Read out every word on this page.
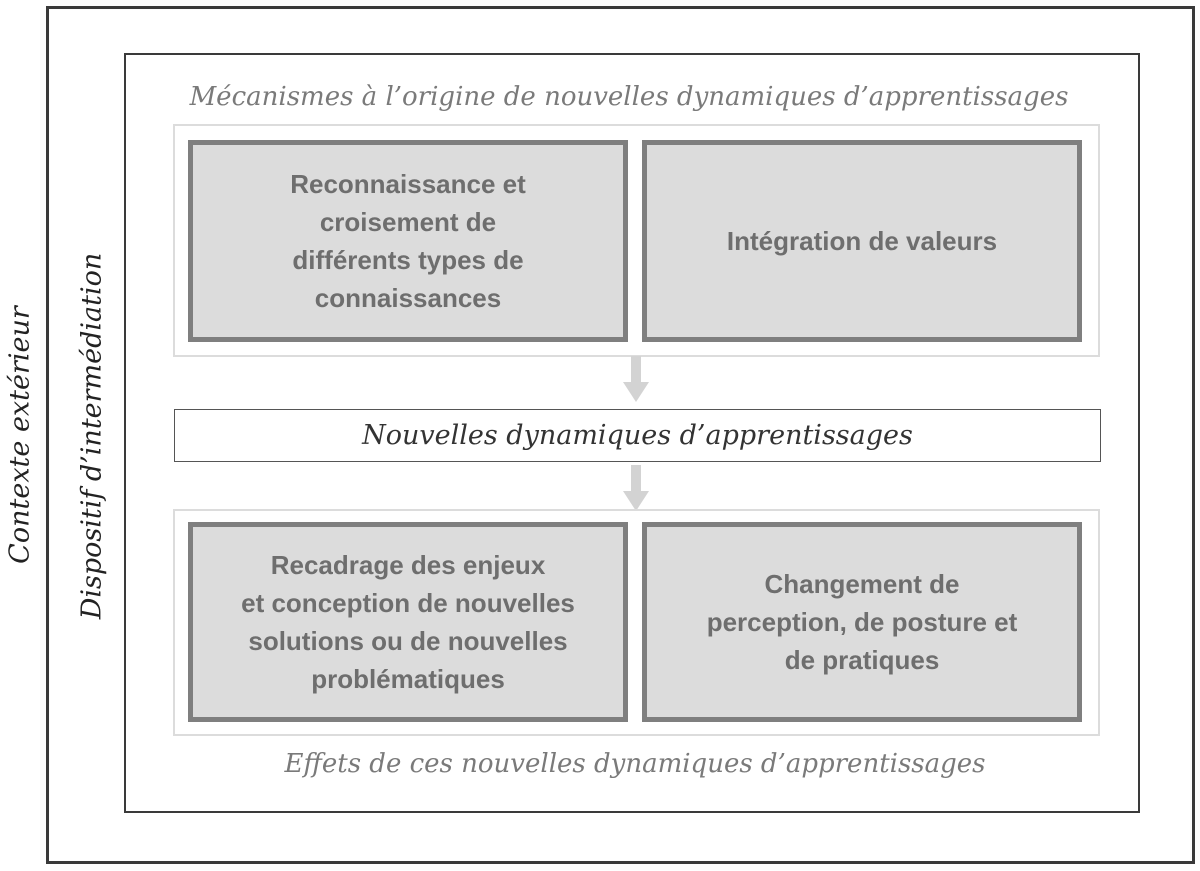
Contexte extérieur Dispositif d’intermédiation
Mécanismes à l’origine de nouvelles dynamiques d’apprentissages
Reconnaissance et
croisement de
différents types de
connaissances
Intégration de valeurs
Nouvelles dynamiques d’apprentissages
Recadrage des enjeux
et conception de nouvelles
solutions ou de nouvelles
problématiques
Changement de
perception, de posture et
de pratiques
Effets de ces nouvelles dynamiques d’apprentissages
